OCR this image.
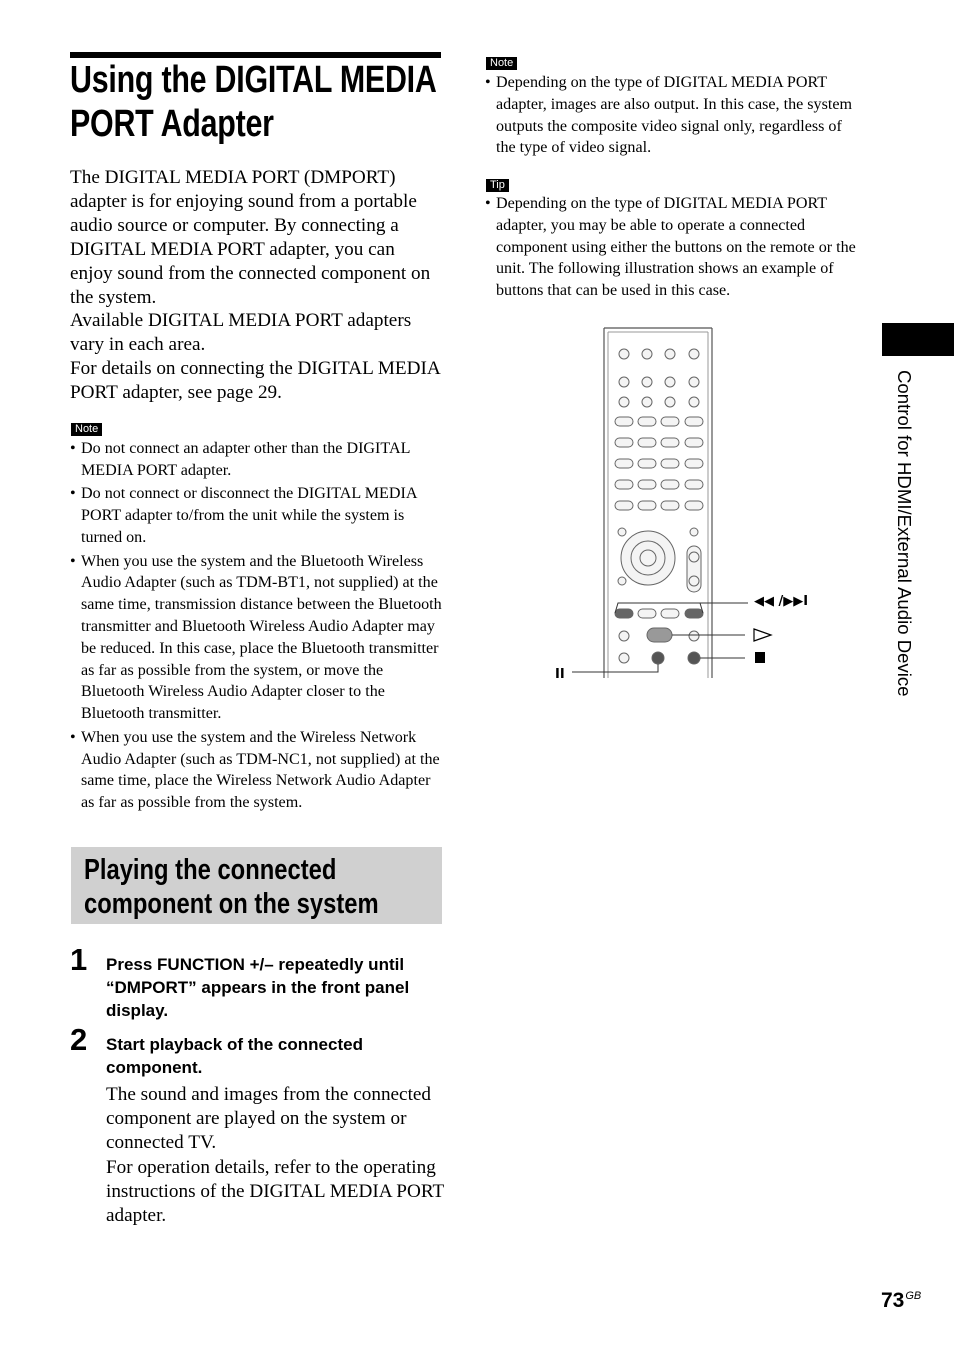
Using the DIGITAL MEDIA
PORT Adapter

The DIGITAL MEDIA PORT (DMPORT) adapter is for enjoying sound from a portable audio source or computer. By connecting a DIGITAL MEDIA PORT adapter, you can enjoy sound from the connected component on the system.

Available DIGITAL MEDIA PORT adapters vary in each area.

For details on connecting the DIGITAL MEDIA PORT adapter, see page 29.

Note
• Do not connect an adapter other than the DIGITAL MEDIA PORT adapter.
• Do not connect or disconnect the DIGITAL MEDIA PORT adapter to/from the unit while the system is turned on.
• When you use the system and the Bluetooth Wireless Audio Adapter (such as TDM-BT1, not supplied) at the same time, transmission distance between the Bluetooth transmitter and Bluetooth Wireless Audio Adapter may be reduced. In this case, place the Bluetooth transmitter as far as possible from the system, or move the Bluetooth Wireless Audio Adapter closer to the Bluetooth transmitter.
• When you use the system and the Wireless Network Audio Adapter (such as TDM-NC1, not supplied) at the same time, place the Wireless Network Audio Adapter as far as possible from the system.
Playing the connected
component on the system
1 Press FUNCTION +/– repeatedly until
“DMPORT” appears in the front panel
display.
2 Start playback of the connected
component.

The sound and images from the connected component are played on the system or connected TV.

For operation details, refer to the operating instructions of the DIGITAL MEDIA PORT adapter.

Note
• Depending on the type of DIGITAL MEDIA PORT adapter, images are also output. In this case, the system outputs the composite video signal only, regardless of the type of video signal.
Tip
• Depending on the type of DIGITAL MEDIA PORT adapter, you may be able to operate a connected component using either the buttons on the remote or the unit. The following illustration shows an example of buttons that can be used in this case.
◀◀ /▶▶I
II	Control for HDMI/External Audio Device
$73^{GB}$
